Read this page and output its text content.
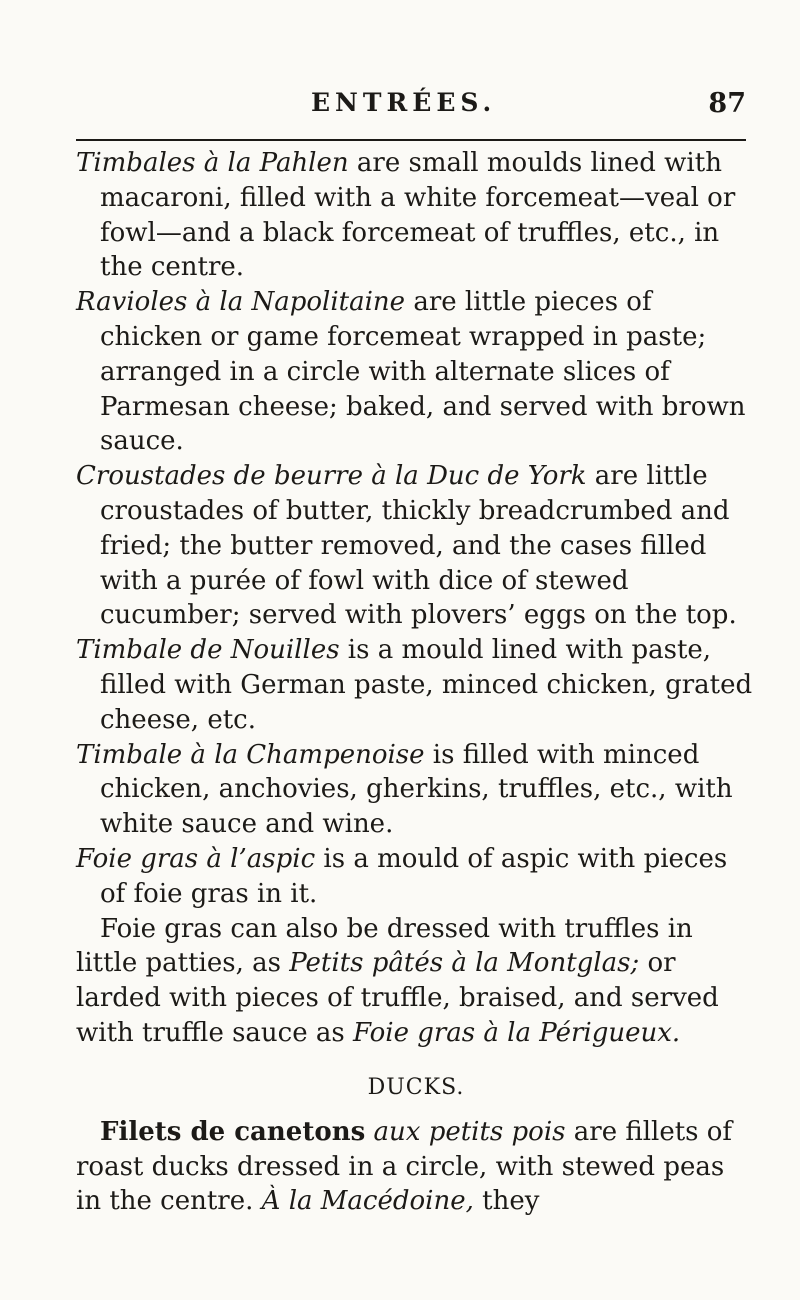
ENTRÉES.	87

Timbales à la Pahlen are small moulds lined with macaroni, filled with a white forcemeat—veal or fowl—and a black forcemeat of truffles, etc., in the centre.

Ravioles à la Napolitaine are little pieces of chicken or game forcemeat wrapped in paste; arranged in a circle with alternate slices of Parmesan cheese; baked, and served with brown sauce.

Croustades de beurre à la Duc de York are little croustades of butter, thickly breadcrumbed and fried; the butter removed, and the cases filled with a purée of fowl with dice of stewed cucumber; served with plovers’ eggs on the top.

Timbale de Nouilles is a mould lined with paste, filled with German paste, minced chicken, grated cheese, etc.

Timbale à la Champenoise is filled with minced chicken, anchovies, gherkins, truffles, etc., with white sauce and wine.

Foie gras à l’aspic is a mould of aspic with pieces of foie gras in it.

Foie gras can also be dressed with truffles in little patties, as Petits pâtés à la Montglas; or larded with pieces of truffle, braised, and served with truffle sauce as Foie gras à la Périgueux.

DUCKS.

Filets de canetons aux petits pois are fillets of roast ducks dressed in a circle, with stewed peas in the centre. À la Macédoine, they
